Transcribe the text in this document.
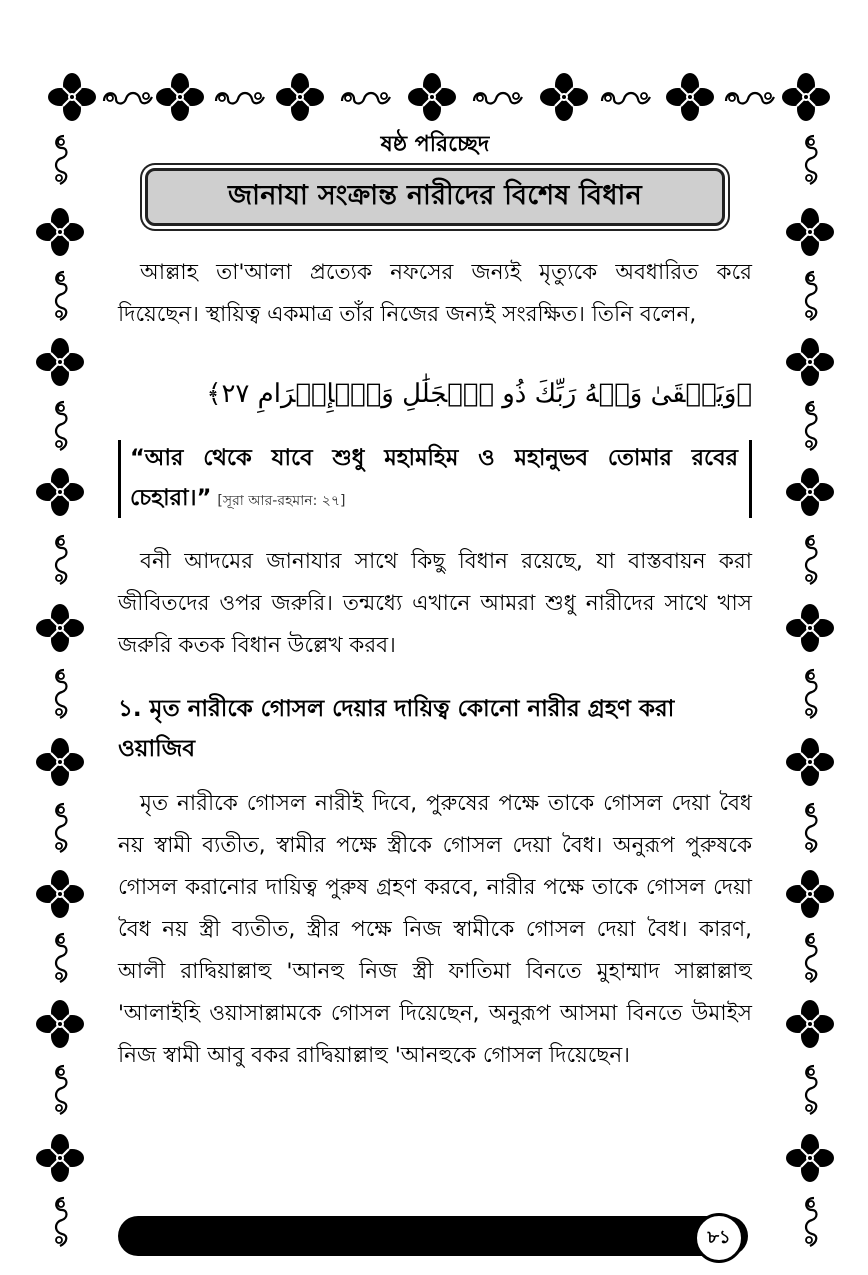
ষষ্ঠ পরিচ্ছেদ
জানাযা সংক্রান্ত নারীদের বিশেষ বিধান

আল্লাহ তা'আলা প্রত্যেক নফসের জন্যই মৃত্যুকে অবধারিত করে দিয়েছেন। স্থায়িত্ব একমাত্র তাঁর নিজের জন্যই সংরক্ষিত। তিনি বলেন,

﴿وَيَبۡقَىٰ وَجۡهُ رَبِّكَ ذُو ٱلۡجَلَٰلِ وَٱلۡإِكۡرَامِ ٢٧﴾
“আর থেকে যাবে শুধু মহামহিম ও মহানুভব তোমার রবের চেহারা।” [সূরা আর-রহমান: ২৭]

বনী আদমের জানাযার সাথে কিছু বিধান রয়েছে, যা বাস্তবায়ন করা জীবিতদের ওপর জরুরি। তন্মধ্যে এখানে আমরা শুধু নারীদের সাথে খাস জরুরি কতক বিধান উল্লেখ করব।

১. মৃত নারীকে গোসল দেয়ার দায়িত্ব কোনো নারীর গ্রহণ করা ওয়াজিব

মৃত নারীকে গোসল নারীই দিবে, পুরুষের পক্ষে তাকে গোসল দেয়া বৈধ নয় স্বামী ব্যতীত, স্বামীর পক্ষে স্ত্রীকে গোসল দেয়া বৈধ। অনুরূপ পুরুষকে গোসল করানোর দায়িত্ব পুরুষ গ্রহণ করবে, নারীর পক্ষে তাকে গোসল দেয়া বৈধ নয় স্ত্রী ব্যতীত, স্ত্রীর পক্ষে নিজ স্বামীকে গোসল দেয়া বৈধ। কারণ, আলী রাদ্বিয়াল্লাহু 'আনহু নিজ স্ত্রী ফাতিমা বিনতে মুহাম্মাদ সাল্লাল্লাহু 'আলাইহি ওয়াসাল্লামকে গোসল দিয়েছেন, অনুরূপ আসমা বিনতে উমাইস নিজ স্বামী আবু বকর রাদ্বিয়াল্লাহু 'আনহুকে গোসল দিয়েছেন।

৮১
